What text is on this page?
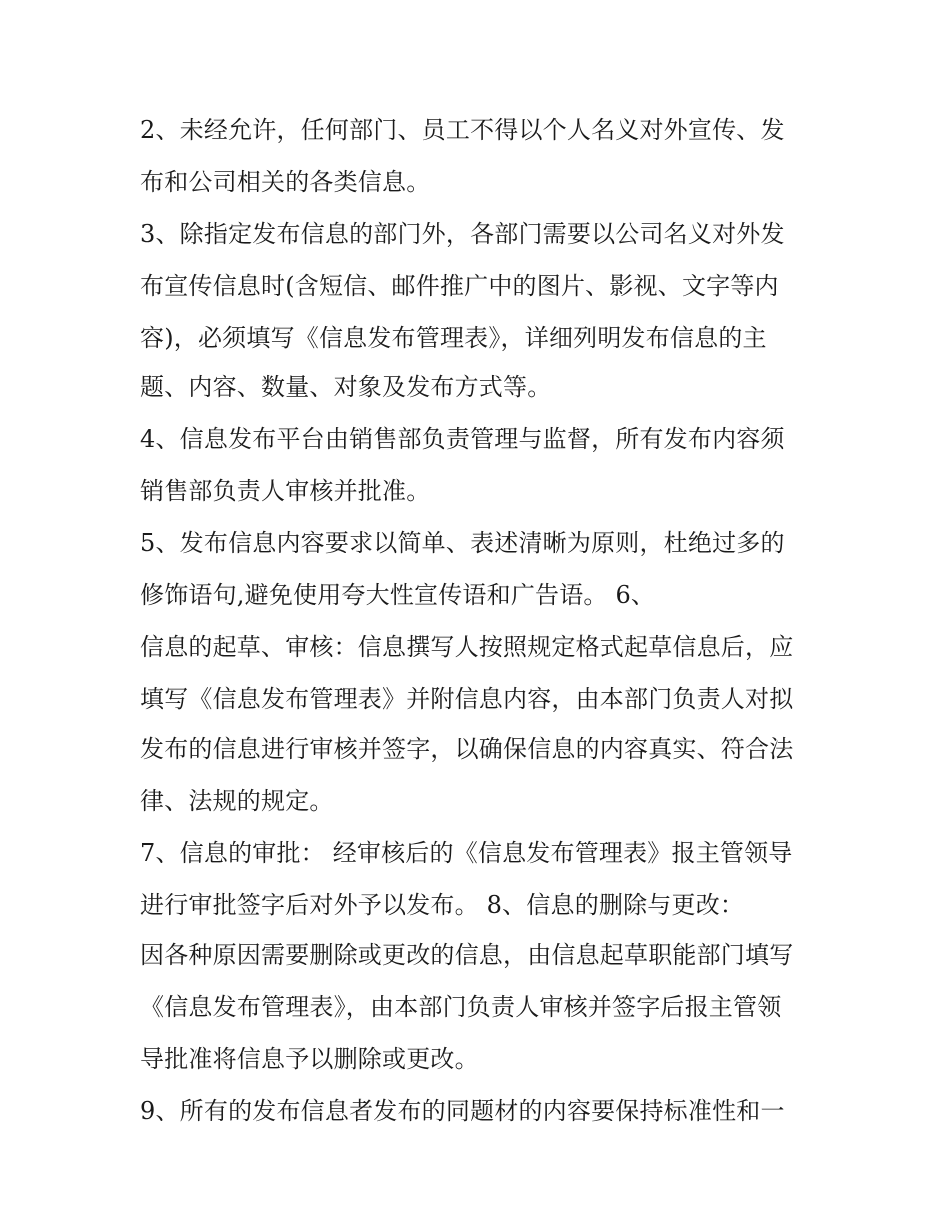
2、未经允许，任何部门、员工不得以个人名义对外宣传、发
布和公司相关的各类信息。
3、除指定发布信息的部门外，各部门需要以公司名义对外发
布宣传信息时(含短信、邮件推广中的图片、影视、文字等内
容)，必须填写《信息发布管理表》，详细列明发布信息的主
题、内容、数量、对象及发布方式等。
4、信息发布平台由销售部负责管理与监督，所有发布内容须
销售部负责人审核并批准。
5、发布信息内容要求以简单、表述清晰为原则，杜绝过多的
修饰语句,避免使用夸大性宣传语和广告语。 6、
信息的起草、审核：信息撰写人按照规定格式起草信息后，应
填写《信息发布管理表》并附信息内容，由本部门负责人对拟
发布的信息进行审核并签字，以确保信息的内容真实、符合法
律、法规的规定。
7、信息的审批： 经审核后的《信息发布管理表》报主管领导
进行审批签字后对外予以发布。 8、信息的删除与更改：
因各种原因需要删除或更改的信息，由信息起草职能部门填写
《信息发布管理表》，由本部门负责人审核并签字后报主管领
导批准将信息予以删除或更改。
9、所有的发布信息者发布的同题材的内容要保持标准性和一
